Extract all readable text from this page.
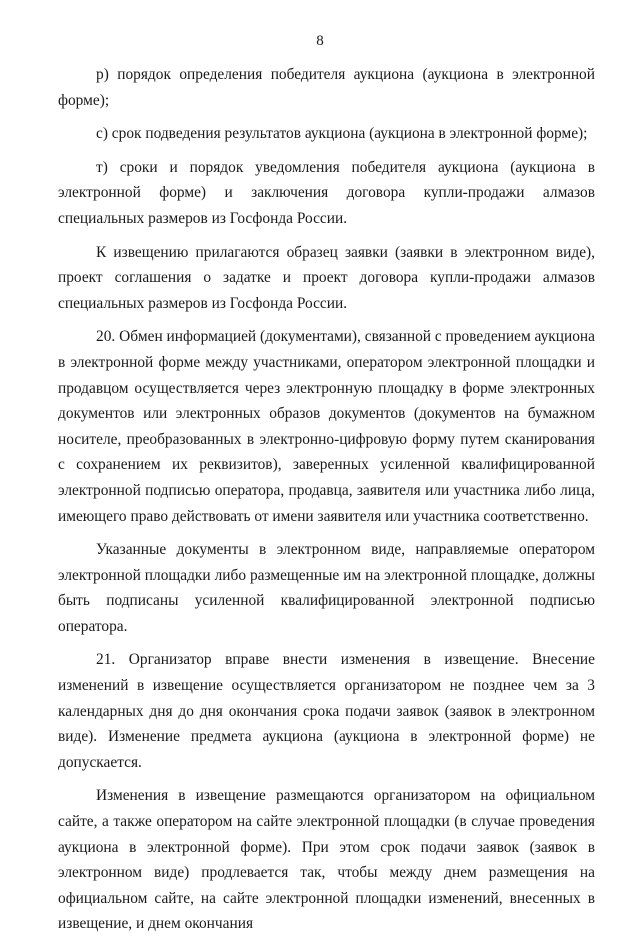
8

р) порядок определения победителя аукциона (аукциона в электронной форме);

с) срок подведения результатов аукциона (аукциона в электронной форме);

т) сроки и порядок уведомления победителя аукциона (аукциона в электронной форме) и заключения договора купли-продажи алмазов специальных размеров из Госфонда России.

К извещению прилагаются образец заявки (заявки в электронном виде), проект соглашения о задатке и проект договора купли-продажи алмазов специальных размеров из Госфонда России.

20. Обмен информацией (документами), связанной с проведением аукциона в электронной форме между участниками, оператором электронной площадки и продавцом осуществляется через электронную площадку в форме электронных документов или электронных образов документов (документов на бумажном носителе, преобразованных в электронно-цифровую форму путем сканирования с сохранением их реквизитов), заверенных усиленной квалифицированной электронной подписью оператора, продавца, заявителя или участника либо лица, имеющего право действовать от имени заявителя или участника соответственно.

Указанные документы в электронном виде, направляемые оператором электронной площадки либо размещенные им на электронной площадке, должны быть подписаны усиленной квалифицированной электронной подписью оператора.

21. Организатор вправе внести изменения в извещение. Внесение изменений в извещение осуществляется организатором не позднее чем за 3 календарных дня до дня окончания срока подачи заявок (заявок в электронном виде). Изменение предмета аукциона (аукциона в электронной форме) не допускается.

Изменения в извещение размещаются организатором на официальном сайте, а также оператором на сайте электронной площадки (в случае проведения аукциона в электронной форме). При этом срок подачи заявок (заявок в электронном виде) продлевается так, чтобы между днем размещения на официальном сайте, на сайте электронной площадки изменений, внесенных в извещение, и днем окончания
